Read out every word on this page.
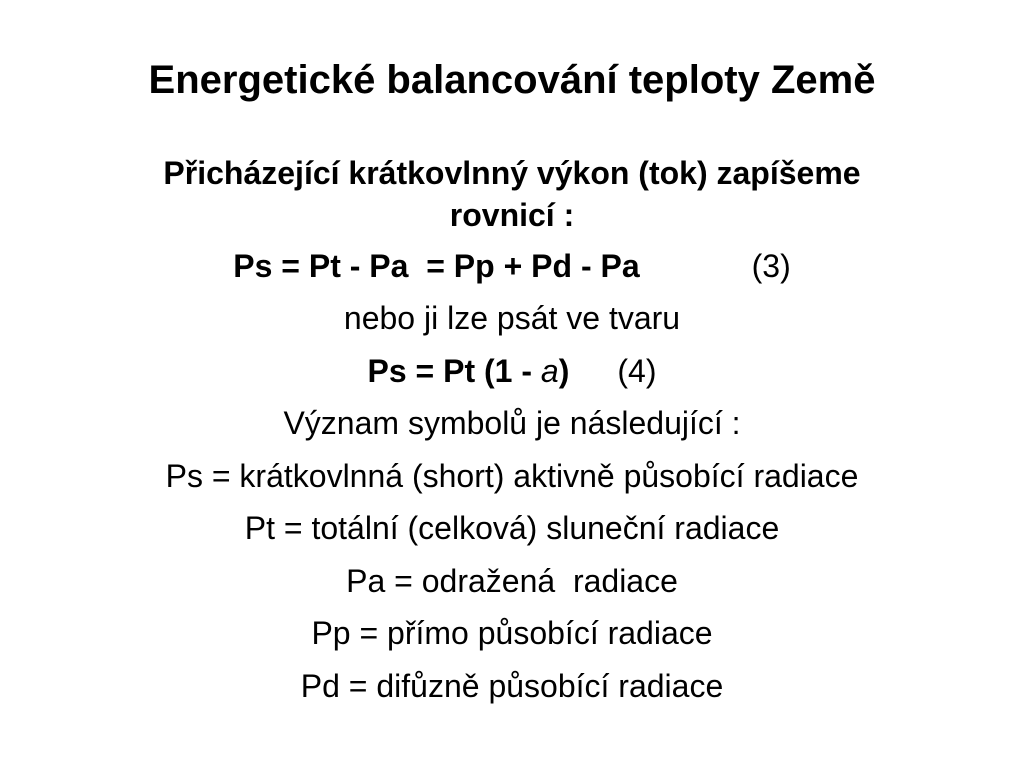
Energetické balancování teploty Země
Přicházející krátkovlnný výkon (tok) zapíšeme
rovnicí :
Ps = Pt - Pa  = Pp + Pd - Pa	(3)
nebo ji lze psát ve tvaru
Ps = Pt (1 - a) (4)
Význam symbolů je následující :
Ps = krátkovlnná (short) aktivně působící radiace
Pt = totální (celková) sluneční radiace
Pa = odražená  radiace
Pp = přímo působící radiace
Pd = difůzně působící radiace
